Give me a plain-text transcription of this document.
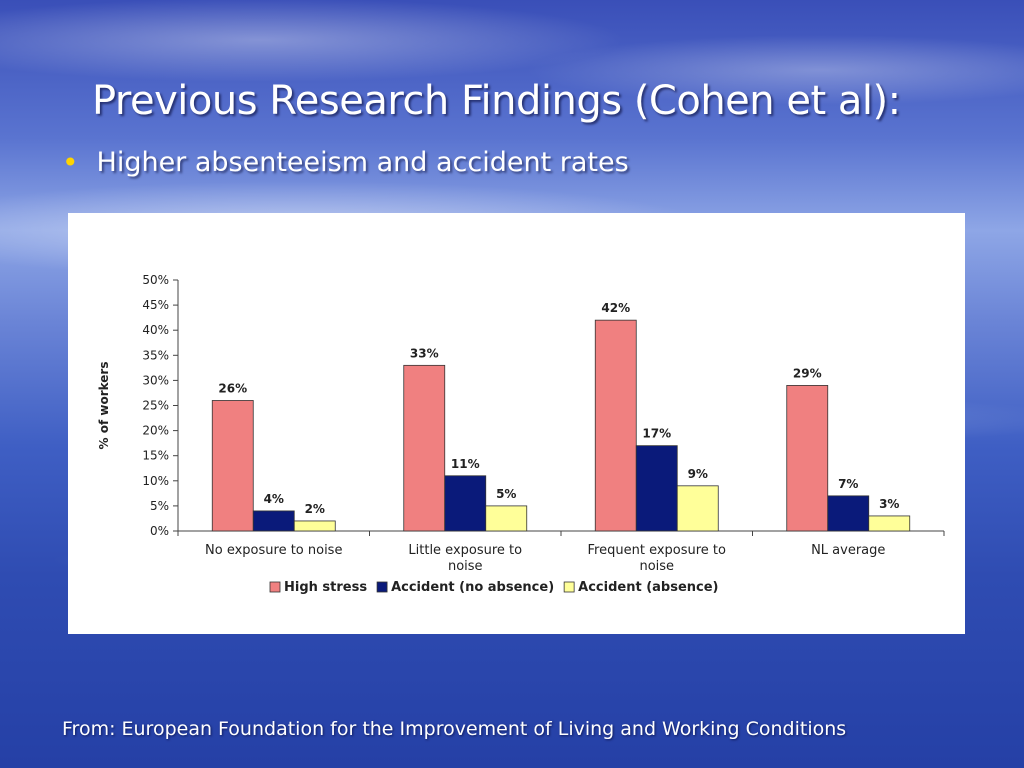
Previous Research Findings (Cohen et al):
• Higher absenteeism and accident rates
0%
5%
10%
15%
20%
25%
30%
35%
40%
45%
50%
% of workers	26%
33%
42%
29%
4%
11%
17%
7%
2%
5%
9%
3%
No exposure to noise	Little exposure to
noise
Frequent exposure to
noise
NL average
High stress Accident (no absence) Accident (absence)
From: European Foundation for the Improvement of Living and Working Conditions
